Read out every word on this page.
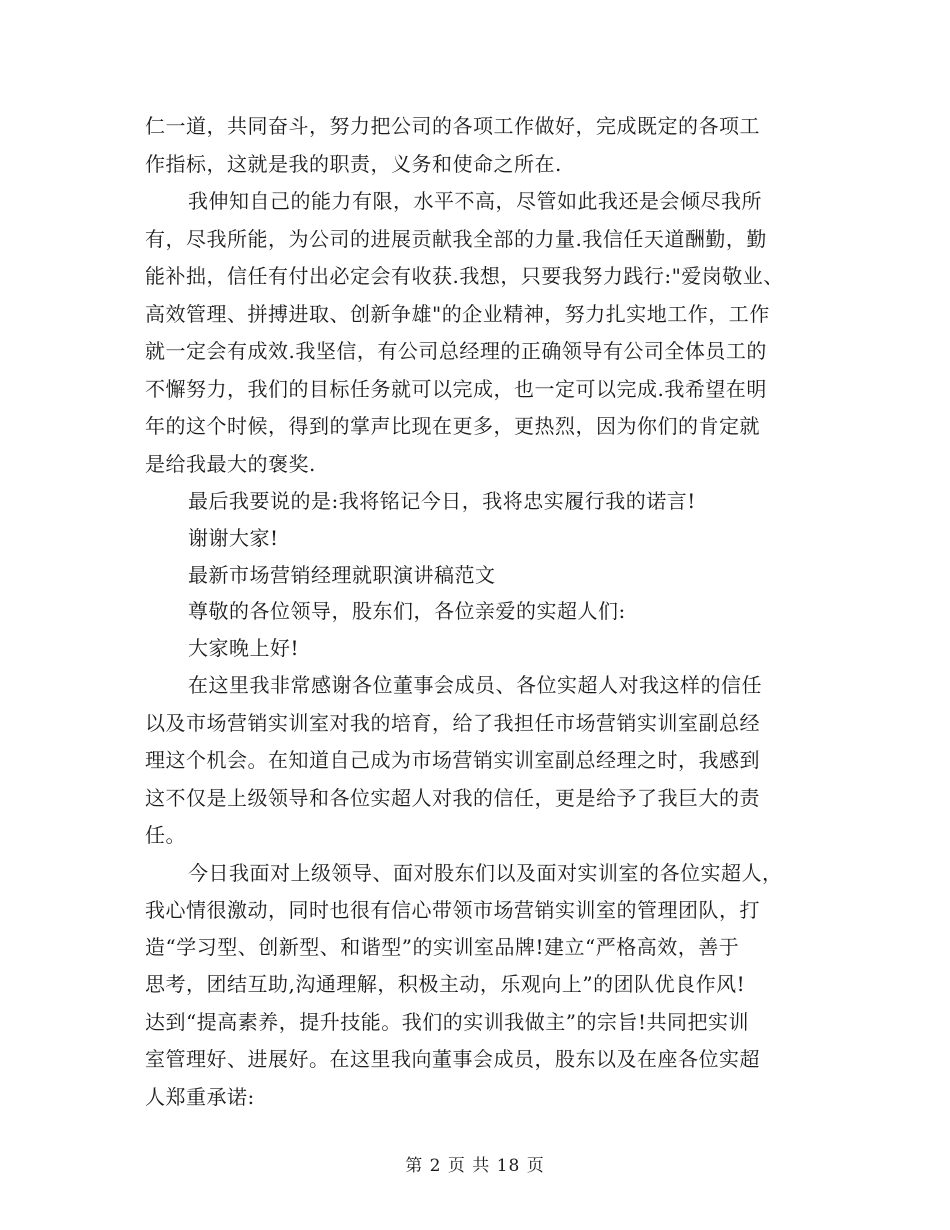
仁一道，共同奋斗，努力把公司的各项工作做好，完成既定的各项工
作指标，这就是我的职责，义务和使命之所在.
我伸知自己的能力有限，水平不高，尽管如此我还是会倾尽我所
有，尽我所能，为公司的进展贡献我全部的力量.我信任天道酬勤，勤
能补拙，信任有付出必定会有收获.我想，只要我努力践行:"爱岗敬业、
高效管理、拼搏进取、创新争雄"的企业精神，努力扎实地工作，工作
就一定会有成效.我坚信，有公司总经理的正确领导有公司全体员工的
不懈努力，我们的目标任务就可以完成，也一定可以完成.我希望在明
年的这个时候，得到的掌声比现在更多，更热烈，因为你们的肯定就
是给我最大的褒奖.
最后我要说的是:我将铭记今日，我将忠实履行我的诺言!
谢谢大家!
最新市场营销经理就职演讲稿范文
尊敬的各位领导，股东们，各位亲爱的实超人们:
大家晚上好!
在这里我非常感谢各位董事会成员、各位实超人对我这样的信任
以及市场营销实训室对我的培育，给了我担任市场营销实训室副总经
理这个机会。在知道自己成为市场营销实训室副总经理之时，我感到
这不仅是上级领导和各位实超人对我的信任，更是给予了我巨大的责
任。
今日我面对上级领导、面对股东们以及面对实训室的各位实超人，
我心情很激动，同时也很有信心带领市场营销实训室的管理团队，打
造“学习型、创新型、和谐型”的实训室品牌!建立“严格高效，善于
思考，团结互助,沟通理解，积极主动，乐观向上”的团队优良作风!
达到“提高素养，提升技能。我们的实训我做主”的宗旨!共同把实训
室管理好、进展好。在这里我向董事会成员，股东以及在座各位实超
人郑重承诺:
第 2 页 共 18 页
